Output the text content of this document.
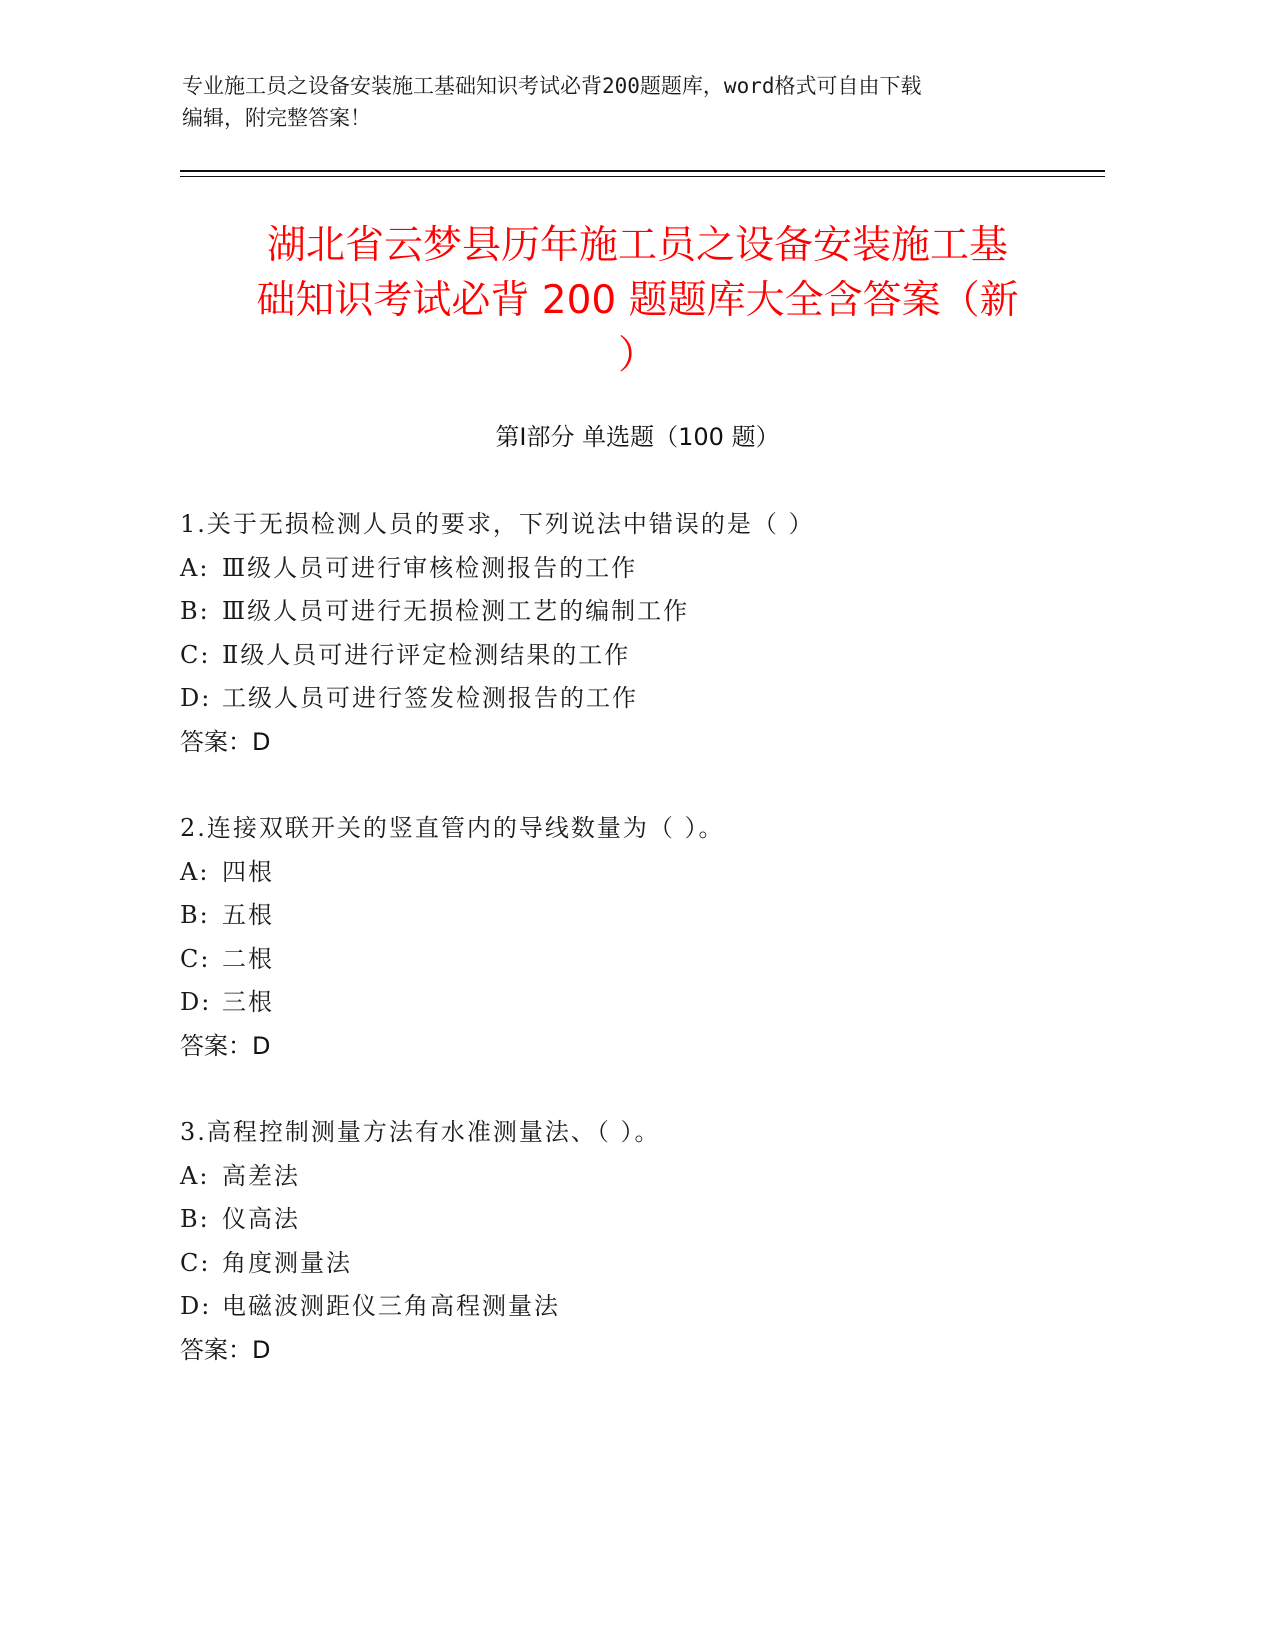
专业施工员之设备安装施工基础知识考试必背200题题库，word格式可自由下载
编辑，附完整答案！
湖北省云梦县历年施工员之设备安装施工基
础知识考试必背 200 题题库大全含答案（新
）
第Ⅰ部分 单选题（100 题）
1.关于无损检测人员的要求，下列说法中错误的是（ ）
A: Ⅲ级人员可进行审核检测报告的工作
B: Ⅲ级人员可进行无损检测工艺的编制工作
C: Ⅱ级人员可进行评定检测结果的工作
D: 工级人员可进行签发检测报告的工作
答案：D
2.连接双联开关的竖直管内的导线数量为（ ）。
A: 四根
B: 五根
C: 二根
D: 三根
答案：D
3.高程控制测量方法有水准测量法、（ ）。
A: 高差法
B: 仪高法
C: 角度测量法
D: 电磁波测距仪三角高程测量法
答案：D
